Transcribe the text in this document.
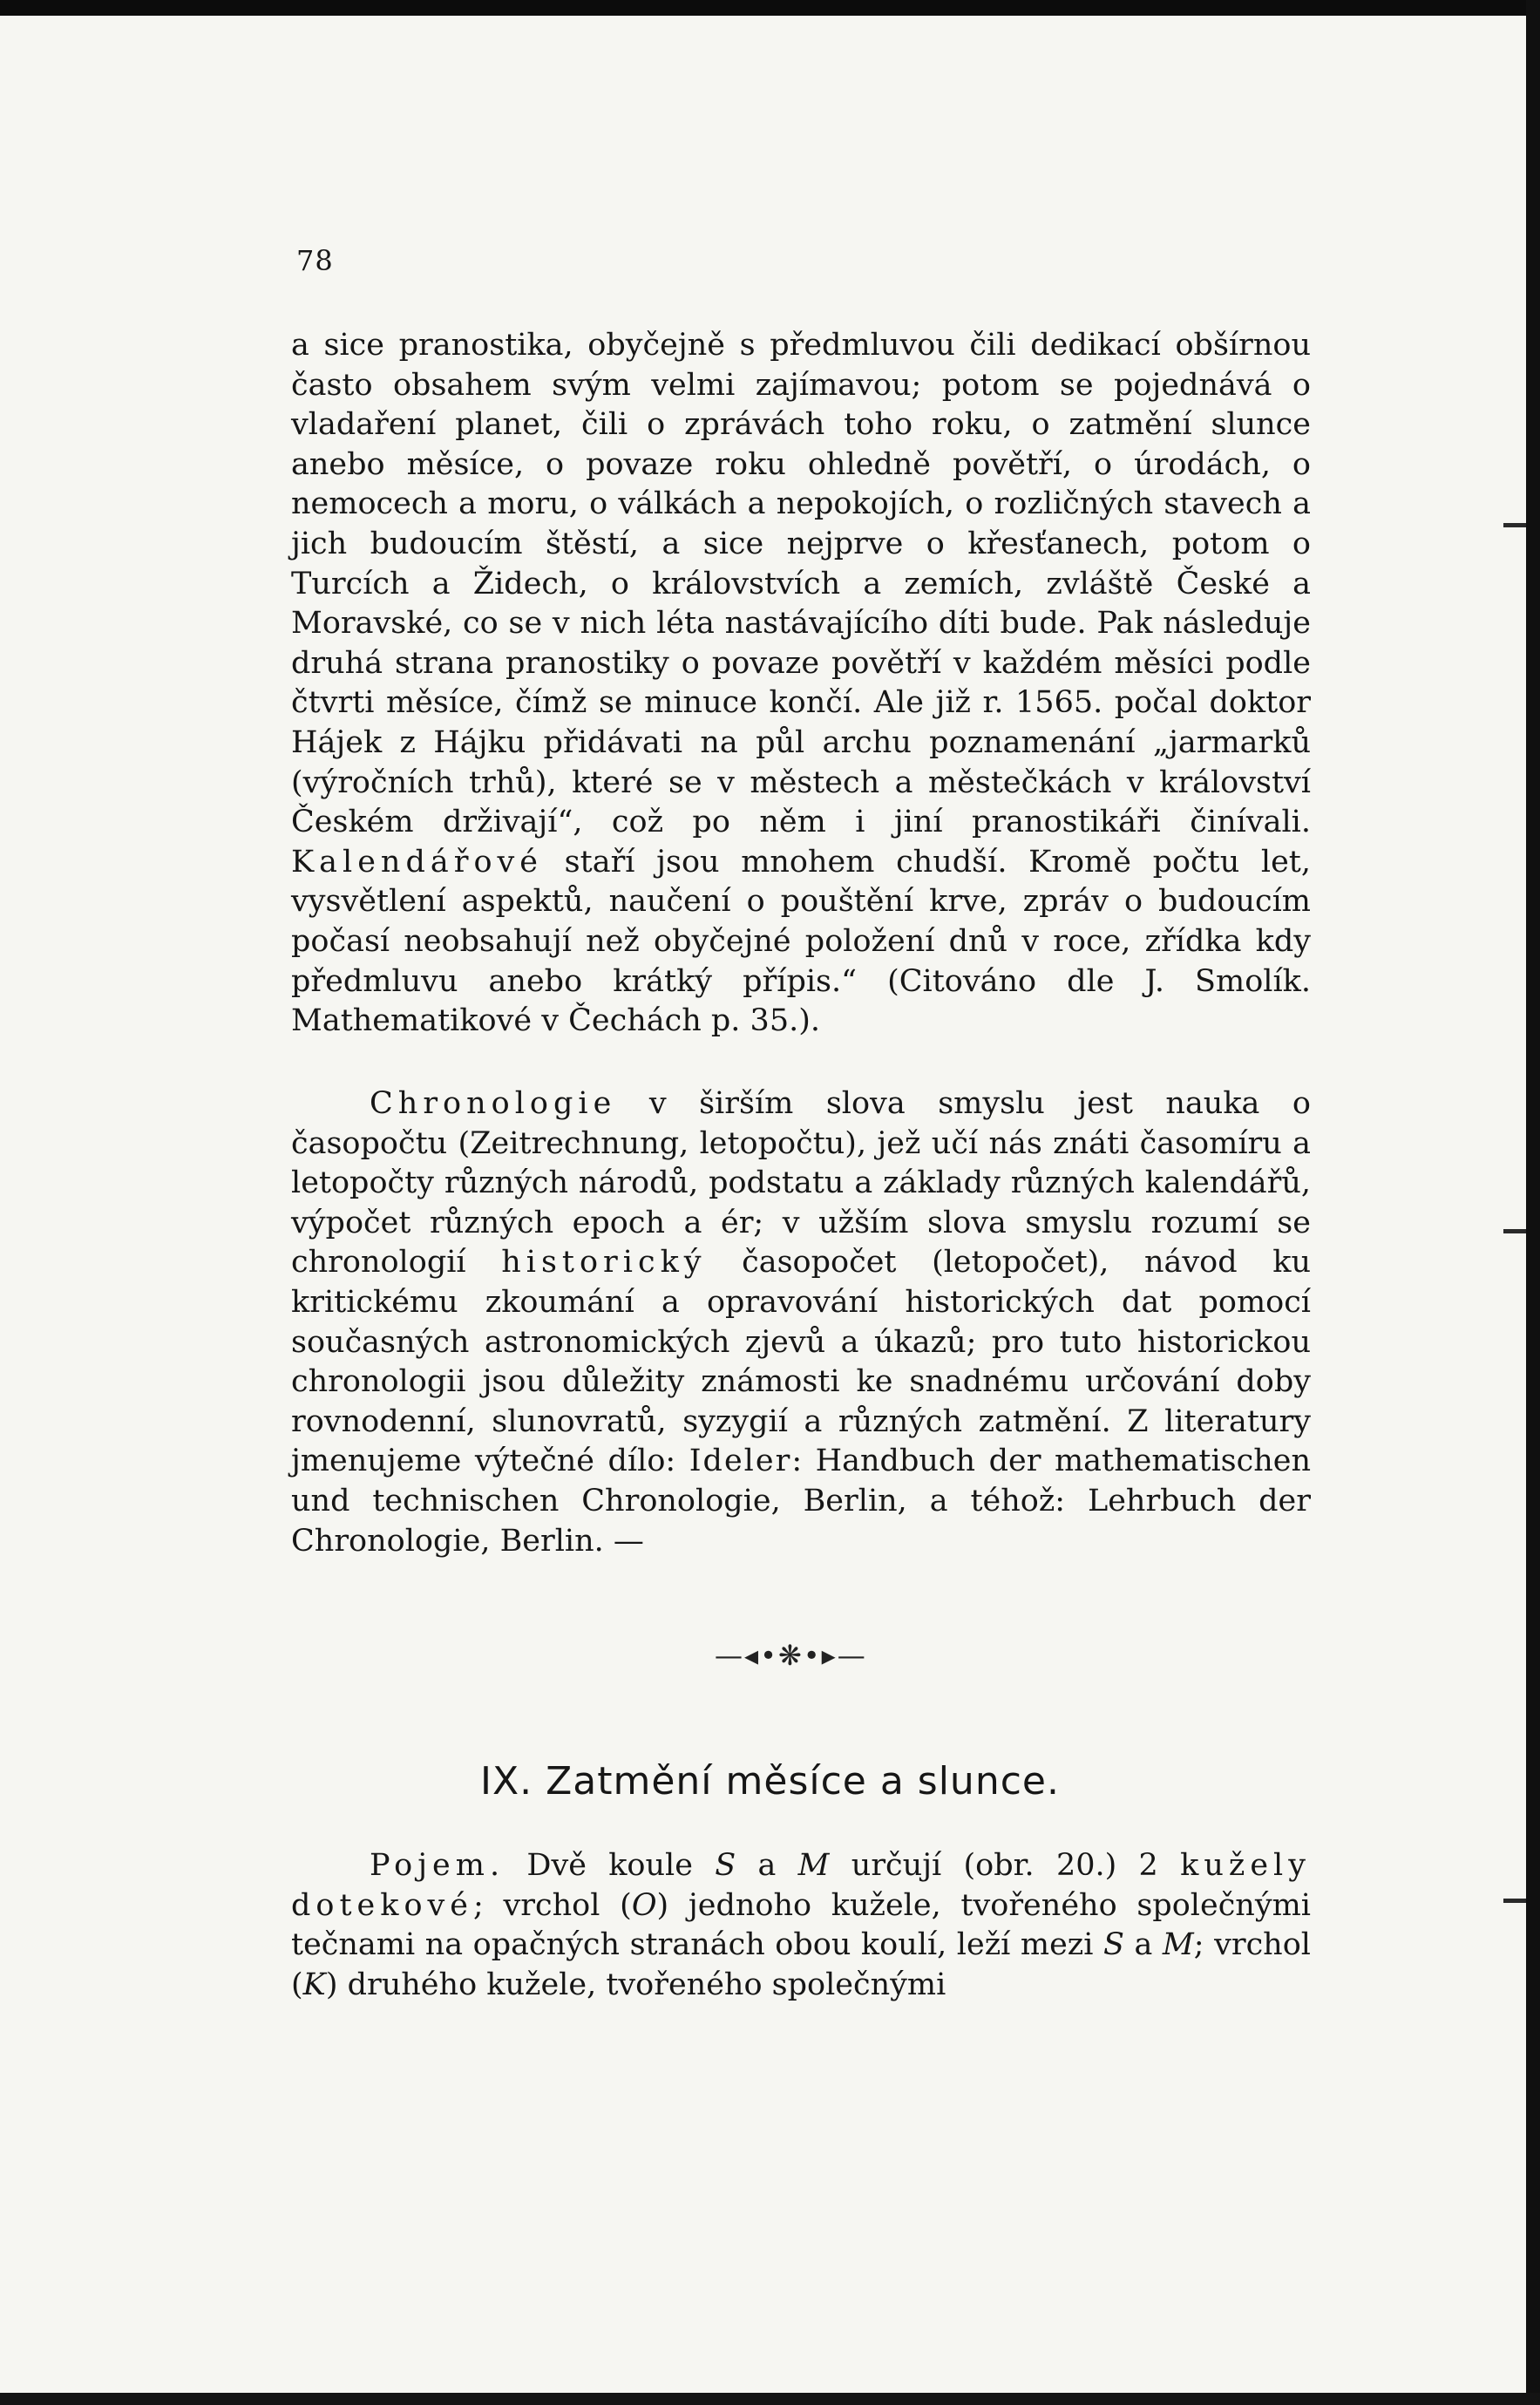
78

a sice pranostika, obyčejně s předmluvou čili dedikací obšírnou často obsahem svým velmi zajímavou; potom se pojednává o vladaření planet, čili o zprávách toho roku, o zatmění slunce anebo měsíce, o povaze roku ohledně povětří, o úrodách, o nemocech a moru, o válkách a nepokojích, o rozličných stavech a jich budoucím štěstí, a sice nejprve o křesťanech, potom o Turcích a Židech, o královstvích a zemích, zvláště České a Moravské, co se v nich léta nastávajícího díti bude. Pak následuje druhá strana pranostiky o povaze povětří v každém měsíci podle čtvrti měsíce, čímž se minuce končí. Ale již r. 1565. počal doktor Hájek z Hájku přidávati na půl archu poznamenání „jarmarků (výročních trhů), které se v městech a městečkách v království Českém drživají“, což po něm i jiní pranostikáři činívali. Kalendářové staří jsou mnohem chudší. Kromě počtu let, vysvětlení aspektů, naučení o pouštění krve, zpráv o budoucím počasí neobsahují než obyčejné položení dnů v roce, zřídka kdy předmluvu anebo krátký přípis.“ (Citováno dle J. Smolík. Mathematikové v Čechách p. 35.).

Chronologie v širším slova smyslu jest nauka o časopočtu (Zeitrechnung, letopočtu), jež učí nás znáti časomíru a letopočty různých národů, podstatu a základy různých kalendářů, výpočet různých epoch a ér; v užším slova smyslu rozumí se chronologií historický časopočet (letopočet), návod ku kritickému zkoumání a opravování historických dat pomocí současných astronomických zjevů a úkazů; pro tuto historickou chronologii jsou důležity známosti ke snadnému určování doby rovnodenní, slunovratů, syzygií a různých zatmění. Z literatury jmenujeme výtečné dílo: Ideler: Handbuch der mathematischen und technischen Chronologie, Berlin, a téhož: Lehrbuch der Chronologie, Berlin. —

—◂•❋•▸—
IX. Zatmění měsíce a slunce.

Pojem. Dvě koule S a M určují (obr. 20.) 2 kužely dotekové; vrchol (O) jednoho kužele, tvořeného společnými tečnami na opačných stranách obou koulí, leží mezi S a M; vrchol (K) druhého kužele, tvořeného společnými
